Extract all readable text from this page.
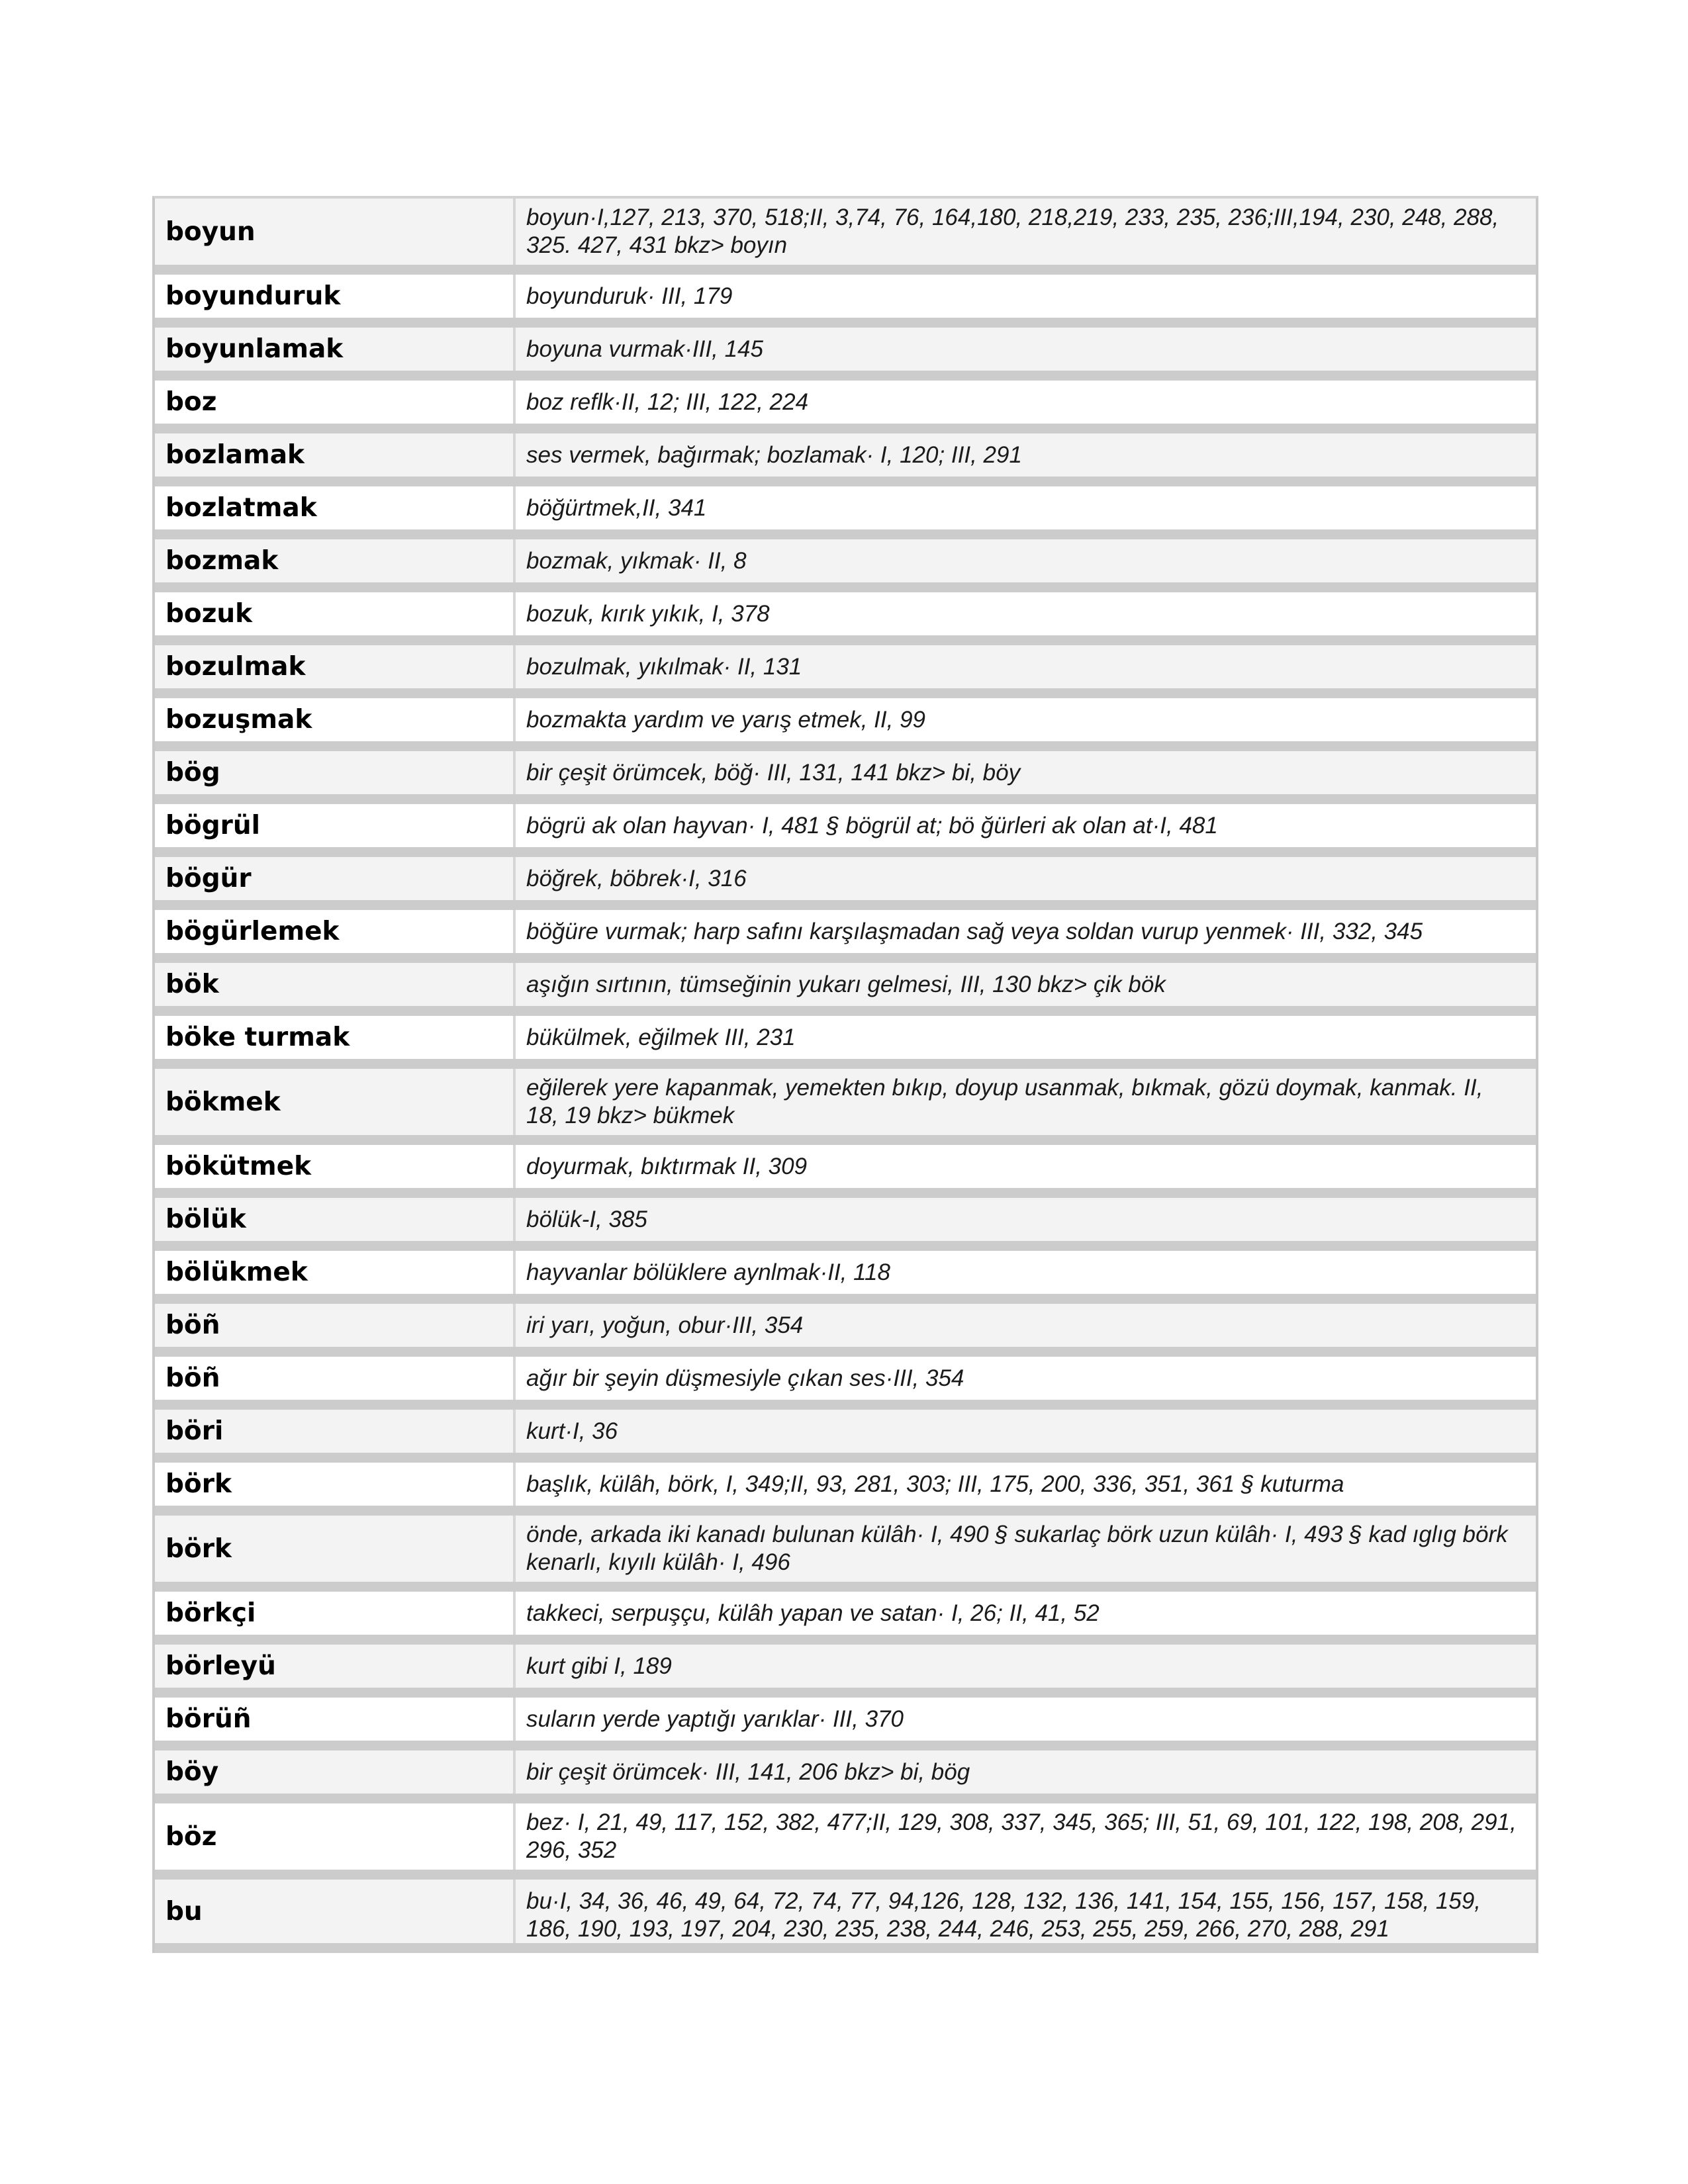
boyun	boyun·I,127, 213, 370, 518;II, 3,74, 76, 164,180, 218,219, 233, 235, 236;III,194, 230, 248, 288, 325. 427, 431 bkz> boyın
boyunduruk	boyunduruk· III, 179
boyunlamak	boyuna vurmak·III, 145
boz	boz reflk·II, 12; III, 122, 224
bozlamak	ses vermek, bağırmak; bozlamak· I, 120; III, 291
bozlatmak	böğürtmek,II, 341
bozmak	bozmak, yıkmak· II, 8
bozuk	bozuk, kırık yıkık, I, 378
bozulmak	bozulmak, yıkılmak· II, 131
bozuşmak	bozmakta yardım ve yarış etmek, II, 99
bög	bir çeşit örümcek, böğ· III, 131, 141 bkz> bi, böy
bögrül	bögrü ak olan hayvan· I, 481 § bögrül at; bö ğürleri ak olan at·I, 481
bögür	böğrek, böbrek·I, 316
bögürlemek	böğüre vurmak; harp safını karşılaşmadan sağ veya soldan vurup yenmek· III, 332, 345
bök	aşığın sırtının, tümseğinin yukarı gelmesi, III, 130 bkz> çik bök
böke turmak	bükülmek, eğilmek III, 231
bökmek	eğilerek yere kapanmak, yemekten bıkıp, doyup usanmak, bıkmak, gözü doymak, kanmak. II, 18, 19 bkz> bükmek
bökütmek	doyurmak, bıktırmak II, 309
bölük	bölük-I, 385
bölükmek	hayvanlar bölüklere aynlmak·II, 118
böñ	iri yarı, yoğun, obur·III, 354
böñ	ağır bir şeyin düşmesiyle çıkan ses·III, 354
böri	kurt·I, 36
börk	başlık, külâh, börk, I, 349;II, 93, 281, 303; III, 175, 200, 336, 351, 361 § kuturma
börk	önde, arkada iki kanadı bulunan külâh· I, 490 § sukarlaç börk uzun külâh· I, 493 § kad ıglıg börk kenarlı, kıyılı külâh· I, 496
börkçi	takkeci, serpuşçu, külâh yapan ve satan· I, 26; II, 41, 52
börleyü	kurt gibi I, 189
börüñ	suların yerde yaptığı yarıklar· III, 370
böy	bir çeşit örümcek· III, 141, 206 bkz> bi, bög
böz	bez· I, 21, 49, 117, 152, 382, 477;II, 129, 308, 337, 345, 365; III, 51, 69, 101, 122, 198, 208, 291, 296, 352
bu	bu·I, 34, 36, 46, 49, 64, 72, 74, 77, 94,126, 128, 132, 136, 141, 154, 155, 156, 157, 158, 159, 186, 190, 193, 197, 204, 230, 235, 238, 244, 246, 253, 255, 259, 266, 270, 288, 291
